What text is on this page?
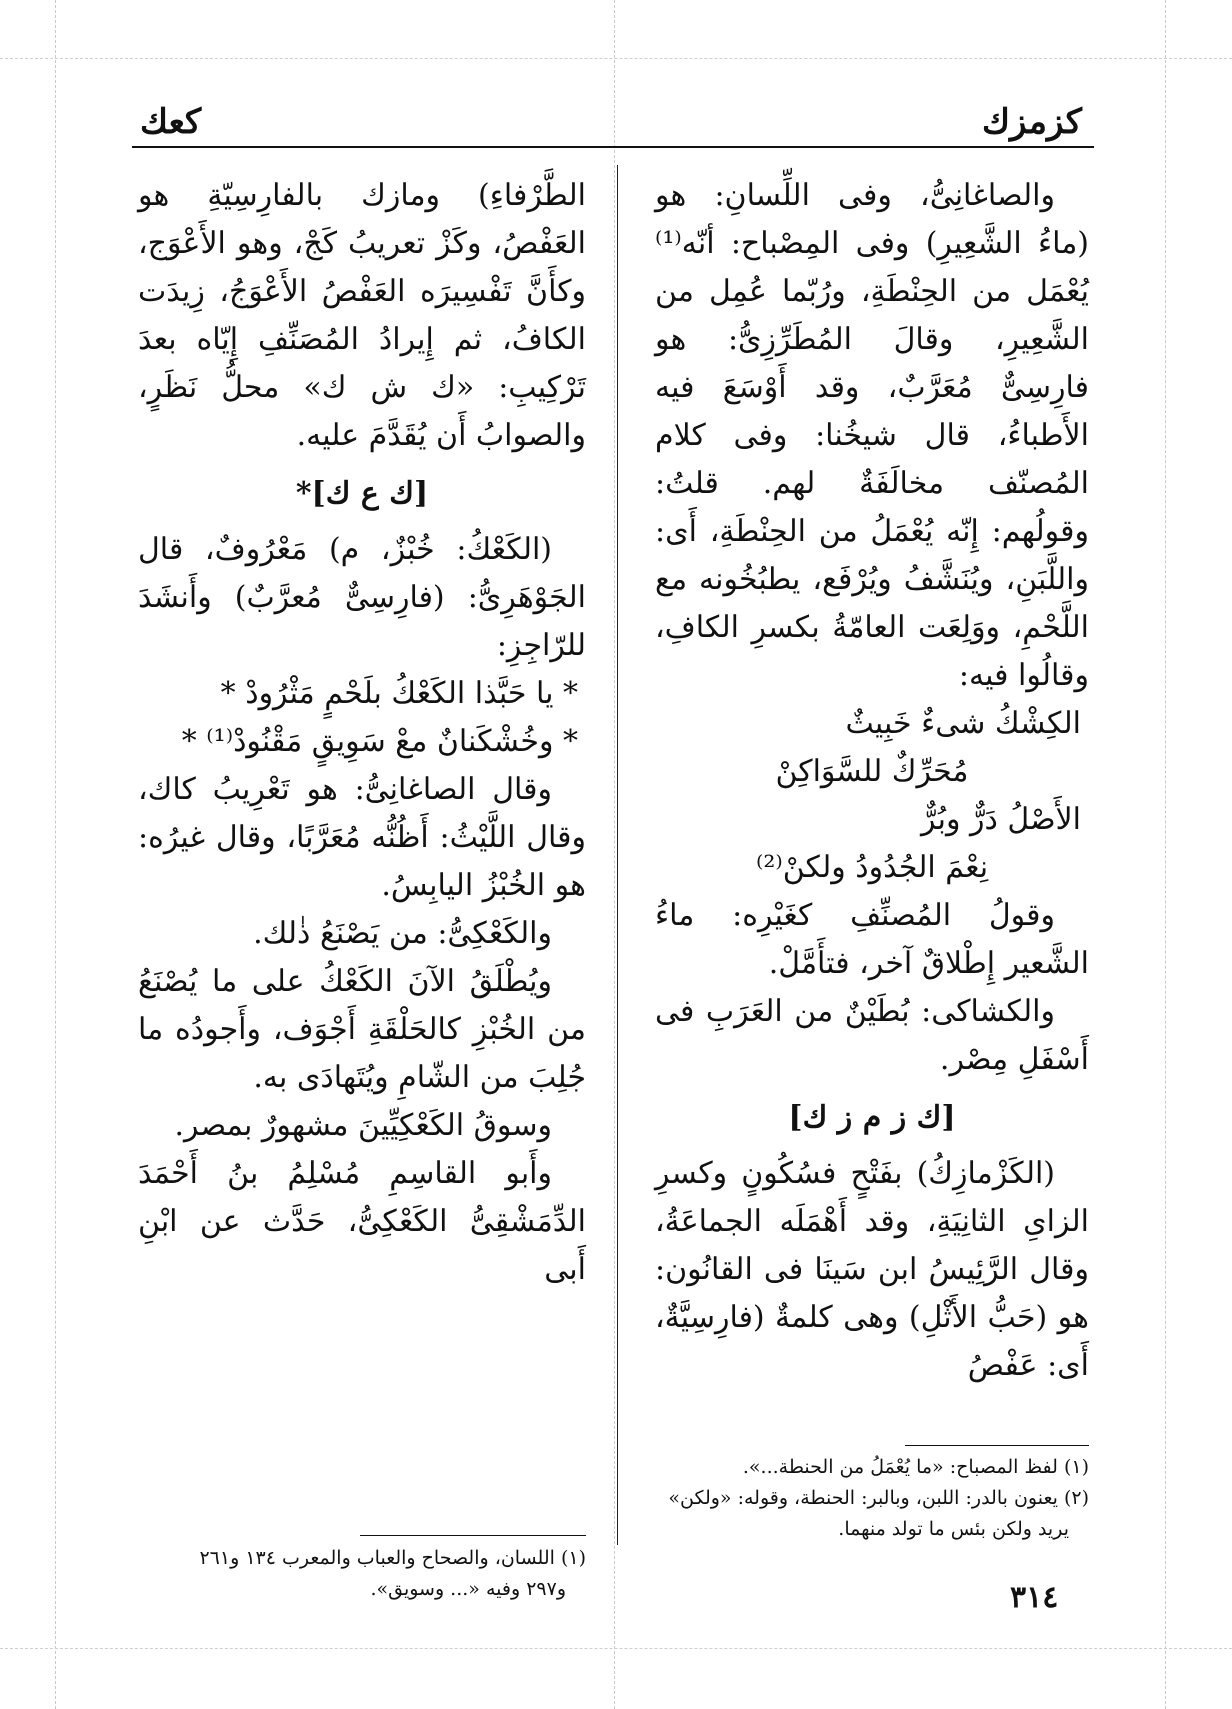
كزمزك
كعك

والصاغانِىُّ، وفى اللِّسانِ: هو (ماءُ الشَّعِيرِ) وفى المِصْباح: أنّه⁽¹⁾ يُعْمَل من الحِنْطَةِ، ورُبّما عُمِل من الشَّعِيرِ، وقالَ المُطَرِّزِىُّ: هو فارِسِىٌّ مُعَرَّبٌ، وقد أَوْسَعَ فيه الأَطباءُ، قال شيخُنا: وفى كلام المُصنّف مخالَفَةٌ لهم. قلتُ: وقولُهم: إِنّه يُعْمَلُ من الحِنْطَةِ، أَى: واللَّبَنِ، ويُنَشَّفُ ويُرْفَع، يطبُخُونه مع اللَّحْمِ، ووَلِعَت العامّةُ بكسرِ الكافِ، وقالُوا فيه:

الكِشْكُ شىءٌ خَبِيثٌ

مُحَرِّكٌ للسَّوَاكِنْ

الأَصْلُ دَرٌّ وبُرٌّ

نِعْمَ الجُدُودُ ولكنْ⁽²⁾

وقولُ المُصنِّفِ كغَيْرِه: ماءُ الشَّعير إِطْلاقٌ آخر، فتأَمَّلْ.

والكشاكى: بُطَيْنٌ من العَرَبِ فى أَسْفَلِ مِصْر.

[ك ز م ز ك]

(الكَزْمازِكُ) بفَتْحٍ فسُكُونٍ وكسرِ الزاىِ الثانِيَةِ، وقد أَهْمَلَه الجماعَةُ، وقال الرَّئِيسُ ابن سَينَا فى القانُون: هو (حَبُّ الأَثْلِ) وهى كلمةٌ (فارِسِيَّةٌ، أَى: عَفْصُ

(١) لفظ المصباح: «ما يُعْمَلُ من الحنطة...».

(٢) يعنون بالدر: اللبن، وبالبر: الحنطة، وقوله: «ولكن»

يريد ولكن بئس ما تولد منهما.

الطَّرْفاءِ) ومازك بالفارِسِيّةِ هو العَفْصُ، وكَزْ تعريبُ كَجْ، وهو الأَعْوَج، وكأَنَّ تَفْسِيرَه العَفْصُ الأَعْوَجُ، زِيدَت الكافُ، ثم إِيرادُ المُصَنِّفِ إِيّاه بعدَ تَرْكِيبِ: «ك ش ك» محلُّ نَظَرٍ، والصوابُ أَن يُقَدَّمَ عليه.

[ك ع ك]*

(الكَعْكُ: خُبْزٌ، م) مَعْرُوفٌ، قال الجَوْهَرِىُّ: (فارِسِىٌّ مُعرَّبٌ) وأَنشَدَ للرّاجِزِ:

* يا حَبَّذا الكَعْكُ بلَحْمٍ مَثْرُودْ *

* وخُشْكَنانٌ معْ سَوِيقٍ مَقْنُودْ⁽¹⁾ *

وقال الصاغانِىُّ: هو تَعْرِيبُ كاك، وقال اللَّيْثُ: أَظُنُّه مُعَرَّبًا، وقال غيرُه: هو الخُبْزُ اليابِسُ.

والكَعْكِىُّ: من يَصْنَعُ ذٰلك.

ويُطْلَقُ الآنَ الكَعْكُ على ما يُصْنَعُ من الخُبْزِ كالحَلْقَةِ أَجْوَف، وأَجودُه ما جُلِبَ من الشّامِ ويُتَهادَى به.

وسوقُ الكَعْكِيِّينَ مشهورٌ بمصر.

وأَبو القاسِمِ مُسْلِمُ بنُ أَحْمَدَ الدِّمَشْقِىُّ الكَعْكِىُّ، حَدَّث عن ابْنِ أَبى

(١) اللسان، والصحاح والعباب والمعرب ١٣٤ و٢٦١

و٢٩٧ وفيه «... وسويق».	٣١٤
